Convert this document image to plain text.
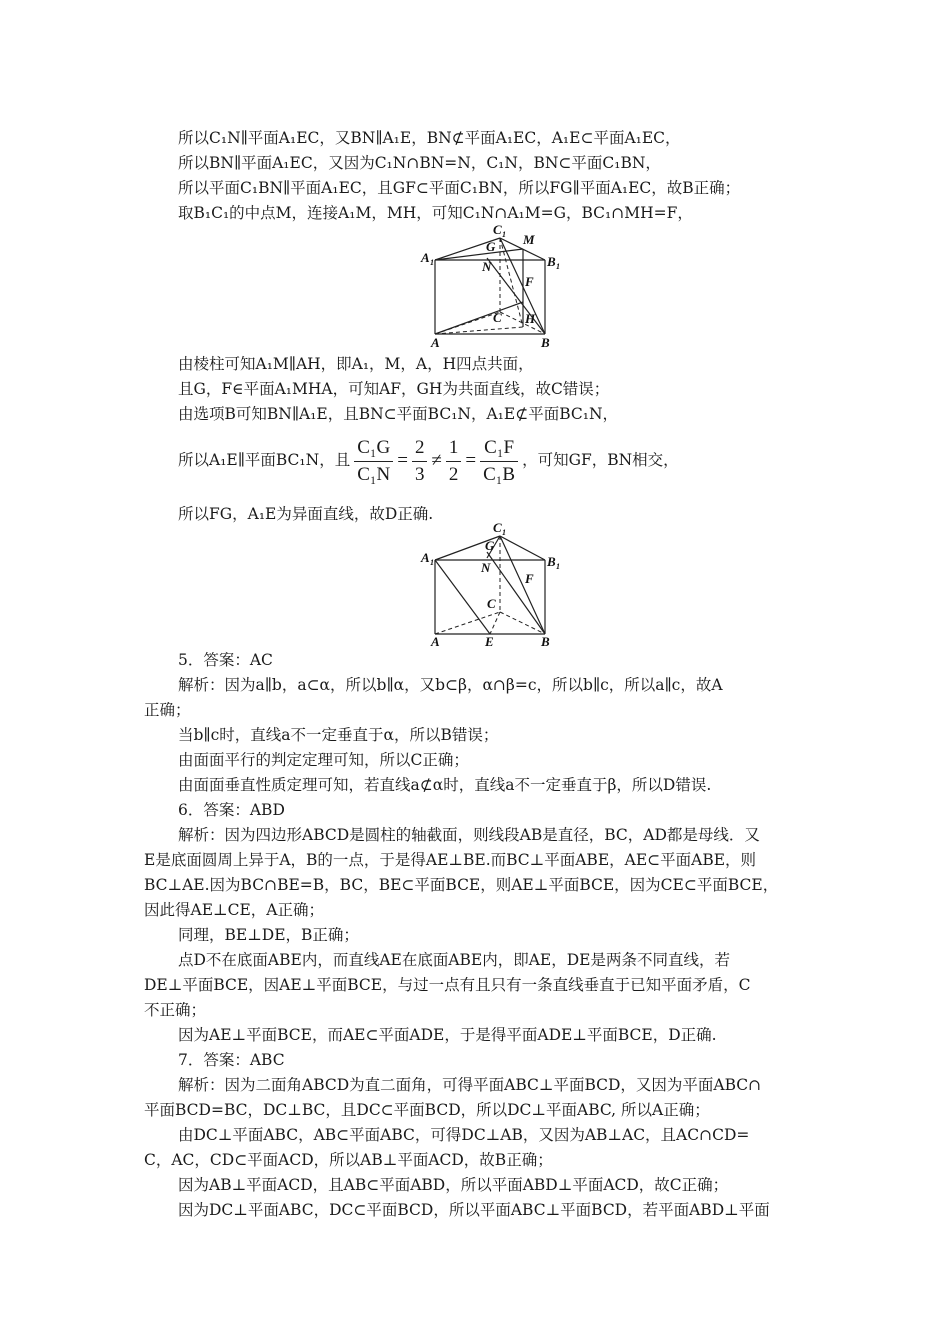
所以C₁N∥平面A₁EC，又BN∥A₁E，BN⊄平面A₁EC，A₁E⊂平面A₁EC，
所以BN∥平面A₁EC，又因为C₁N∩BN=N，C₁N，BN⊂平面C₁BN，
所以平面C₁BN∥平面A₁EC，且GF⊂平面C₁BN，所以FG∥平面A₁EC，故B正确；
取B₁C₁的中点M，连接A₁M，MH，可知C₁N∩A₁M=G，BC₁∩MH=F，
A 1	B 1
C 1
G M
N
F
C H
A	B
由棱柱可知A₁M∥AH，即A₁，M，A，H四点共面，
且G，F∈平面A₁MHA，可知AF，GH为共面直线，故C错误；
由选项B可知BN∥A₁E，且BN⊂平面BC₁N，A₁E⊄平面BC₁N，
所以A₁E∥平面BC₁N，且 $\frac{\text{C₁G}}{\text{C₁N}} = \frac{2}{3} \ne \frac{1}{2} = \frac{\text{C₁F}}{\text{C₁B}}$ ，可知GF，BN相交，
所以FG，A₁E为异面直线，故D正确.
A 1	B 1
C 1
G
N
F
C
A	E	B
5．答案：AC
解析：因为a∥b，a⊂α，所以b∥α，又b⊂β，α∩β=c，所以b∥c，所以a∥c，故A
正确；
当b∥c时，直线a不一定垂直于α，所以B错误；
由面面平行的判定定理可知，所以C正确；
由面面垂直性质定理可知，若直线a⊄α时，直线a不一定垂直于β，所以D错误.
6．答案：ABD
解析：因为四边形ABCD是圆柱的轴截面，则线段AB是直径，BC，AD都是母线．又
E是底面圆周上异于A，B的一点，于是得AE⊥BE.而BC⊥平面ABE，AE⊂平面ABE，则
BC⊥AE.因为BC∩BE=B，BC，BE⊂平面BCE，则AE⊥平面BCE，因为CE⊂平面BCE，
因此得AE⊥CE，A正确；
同理，BE⊥DE，B正确；
点D不在底面ABE内，而直线AE在底面ABE内，即AE，DE是两条不同直线，若
DE⊥平面BCE，因AE⊥平面BCE，与过一点有且只有一条直线垂直于已知平面矛盾，C
不正确；
因为AE⊥平面BCE，而AE⊂平面ADE，于是得平面ADE⊥平面BCE，D正确.
7．答案：ABC
解析：因为二面角ABCD为直二面角，可得平面ABC⊥平面BCD，又因为平面ABC∩
平面BCD=BC，DC⊥BC，且DC⊂平面BCD，所以DC⊥平面ABC, 所以A正确；
由DC⊥平面ABC，AB⊂平面ABC，可得DC⊥AB，又因为AB⊥AC，且AC∩CD=
C，AC，CD⊂平面ACD，所以AB⊥平面ACD，故B正确；
因为AB⊥平面ACD，且AB⊂平面ABD，所以平面ABD⊥平面ACD，故C正确；
因为DC⊥平面ABC，DC⊂平面BCD，所以平面ABC⊥平面BCD，若平面ABD⊥平面
